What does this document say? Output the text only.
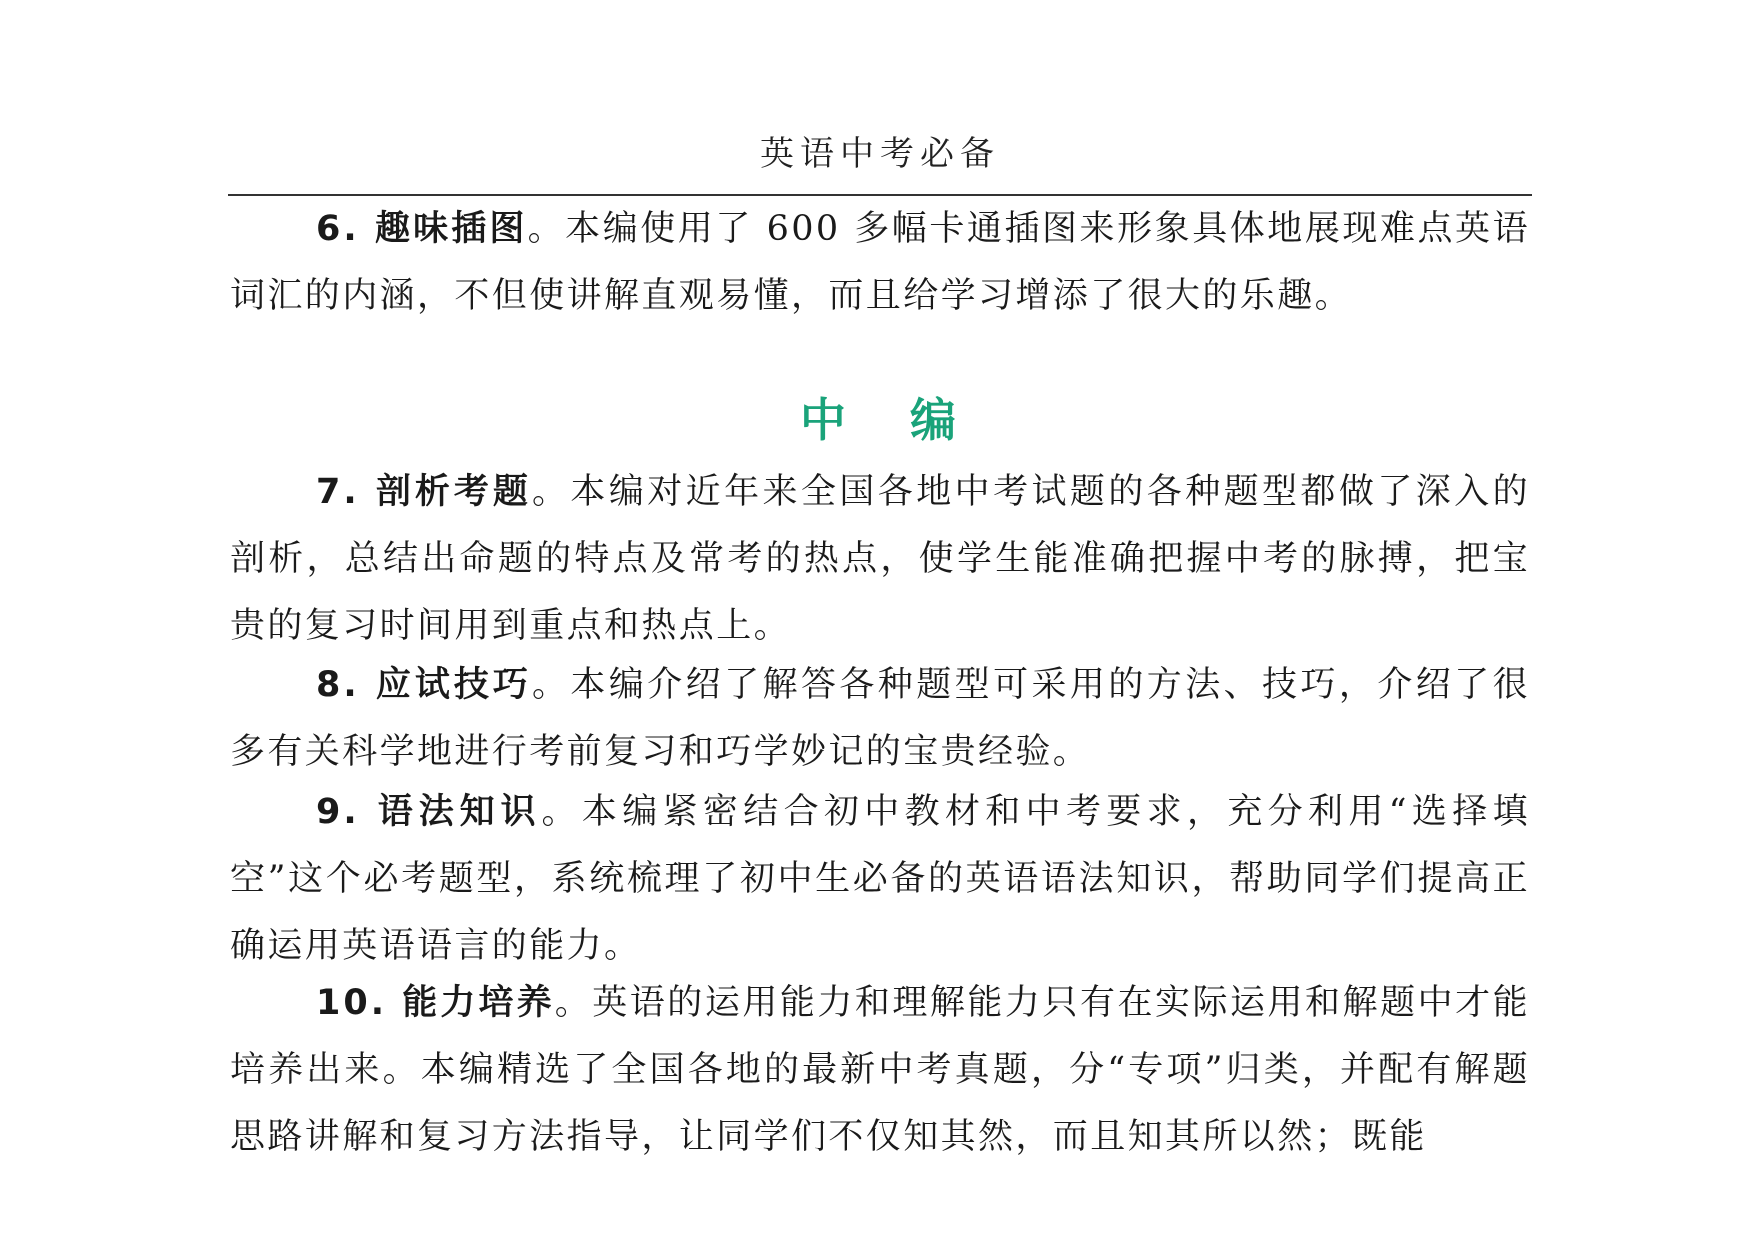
英语中考必备

6. 趣味插图。本编使用了 600 多幅卡通插图来形象具体地展现难点英语词汇的内涵，不但使讲解直观易懂，而且给学习增添了很大的乐趣。

中 编

7. 剖析考题。本编对近年来全国各地中考试题的各种题型都做了深入的剖析，总结出命题的特点及常考的热点，使学生能准确把握中考的脉搏，把宝贵的复习时间用到重点和热点上。

8. 应试技巧。本编介绍了解答各种题型可采用的方法、技巧，介绍了很多有关科学地进行考前复习和巧学妙记的宝贵经验。

9. 语法知识。本编紧密结合初中教材和中考要求，充分利用“选择填空”这个必考题型，系统梳理了初中生必备的英语语法知识，帮助同学们提高正确运用英语语言的能力。

10. 能力培养。英语的运用能力和理解能力只有在实际运用和解题中才能培养出来。本编精选了全国各地的最新中考真题，分“专项”归类，并配有解题思路讲解和复习方法指导，让同学们不仅知其然，而且知其所以然；既能
